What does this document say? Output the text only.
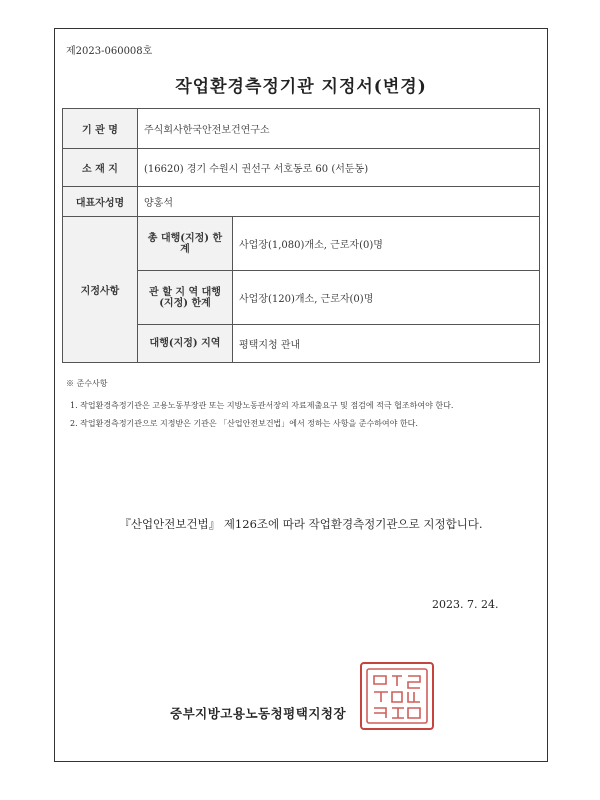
제2023-060008호
작업환경측정기관 지정서(변경)
기 관 명	주식회사한국안전보건연구소	
소 재 지	(16620) 경기 수원시 권선구 서호동로 60 (서둔동)	
대표자성명	양홍석	
지정사항	총 대행(지정) 한 계	사업장(1,080)개소, 근로자(0)명
	관 할 지 역 대행(지정) 한계	사업장(120)개소, 근로자(0)명
	대행(지정) 지역	평택지청 관내
※ 준수사항
1. 작업환경측정기관은 고용노동부장관 또는 지방노동관서장의 자료제출요구 및 점검에 적극 협조하여야 한다.
2. 작업환경측정기관으로 지정받은 기관은 「산업안전보건법」에서 정하는 사항을 준수하여야 한다.
『산업안전보건법』 제126조에 따라 작업환경측정기관으로 지정합니다.
2023. 7. 24.
중부지방고용노동청평택지청장
